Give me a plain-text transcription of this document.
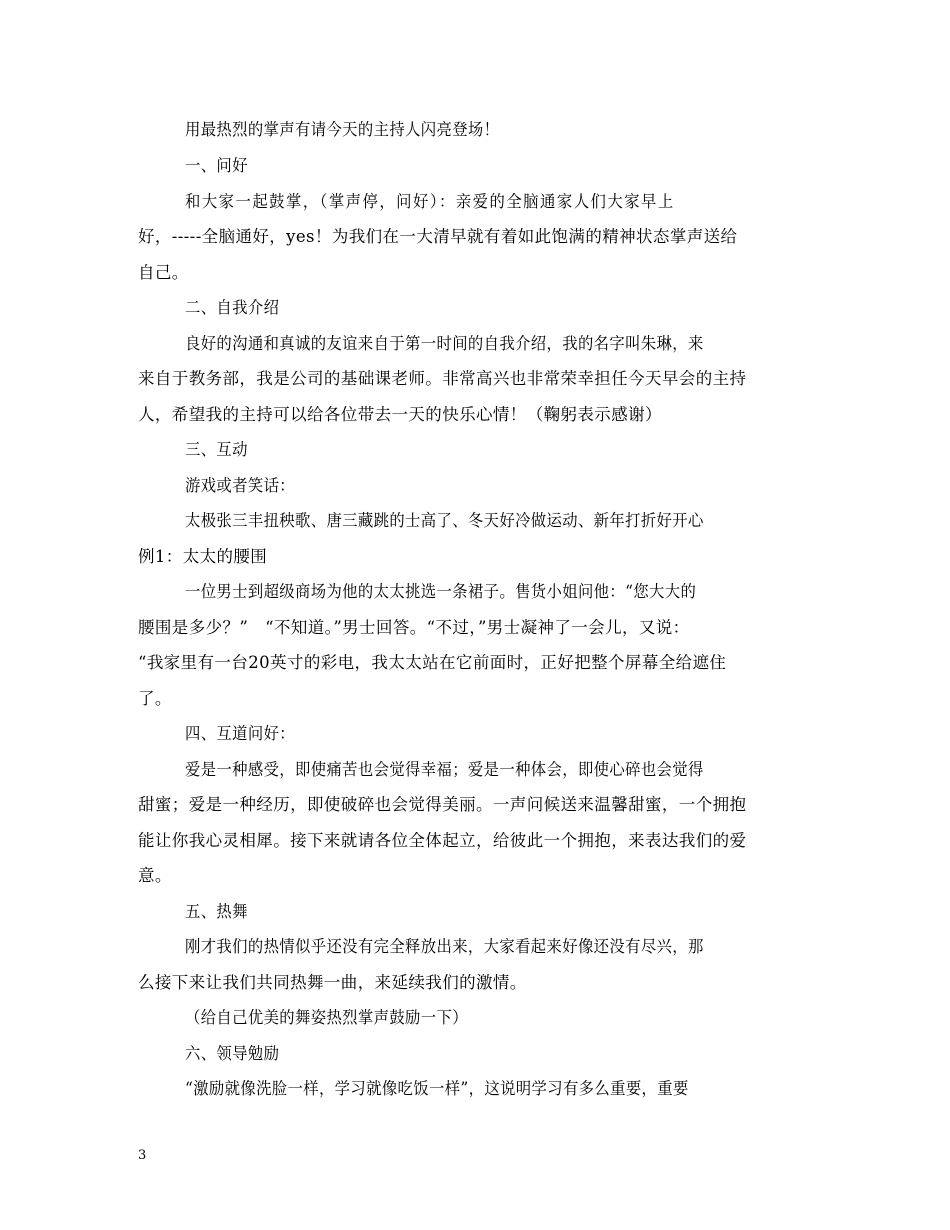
用最热烈的掌声有请今天的主持人闪亮登场！
一、问好
和大家一起鼓掌，（掌声停，问好）：亲爱的全脑通家人们大家早上
好，-----全脑通好，yes！为我们在一大清早就有着如此饱满的精神状态掌声送给
自己。
二、自我介绍
良好的沟通和真诚的友谊来自于第一时间的自我介绍，我的名字叫朱琳，来
来自于教务部，我是公司的基础课老师。非常高兴也非常荣幸担任今天早会的主持
人，希望我的主持可以给各位带去一天的快乐心情！（鞠躬表示感谢）
三、互动
游戏或者笑话：
太极张三丰扭秧歌、唐三藏跳的士高了、冬天好冷做运动、新年打折好开心
例1：太太的腰围
一位男士到超级商场为他的太太挑选一条裙子。售货小姐问他：“您大大的
腰围是多少？”　“不知道。”男士回答。“不过，”男士凝神了一会儿，又说：
“我家里有一台20英寸的彩电，我太太站在它前面时，正好把整个屏幕全给遮住
了。
四、互道问好：
爱是一种感受，即使痛苦也会觉得幸福；爱是一种体会，即使心碎也会觉得
甜蜜；爱是一种经历，即使破碎也会觉得美丽。一声问候送来温馨甜蜜，一个拥抱
能让你我心灵相犀。接下来就请各位全体起立，给彼此一个拥抱，来表达我们的爱
意。
五、热舞
刚才我们的热情似乎还没有完全释放出来，大家看起来好像还没有尽兴，那
么接下来让我们共同热舞一曲，来延续我们的激情。
（给自己优美的舞姿热烈掌声鼓励一下）
六、领导勉励
“激励就像洗脸一样，学习就像吃饭一样”，这说明学习有多么重要，重要
3
